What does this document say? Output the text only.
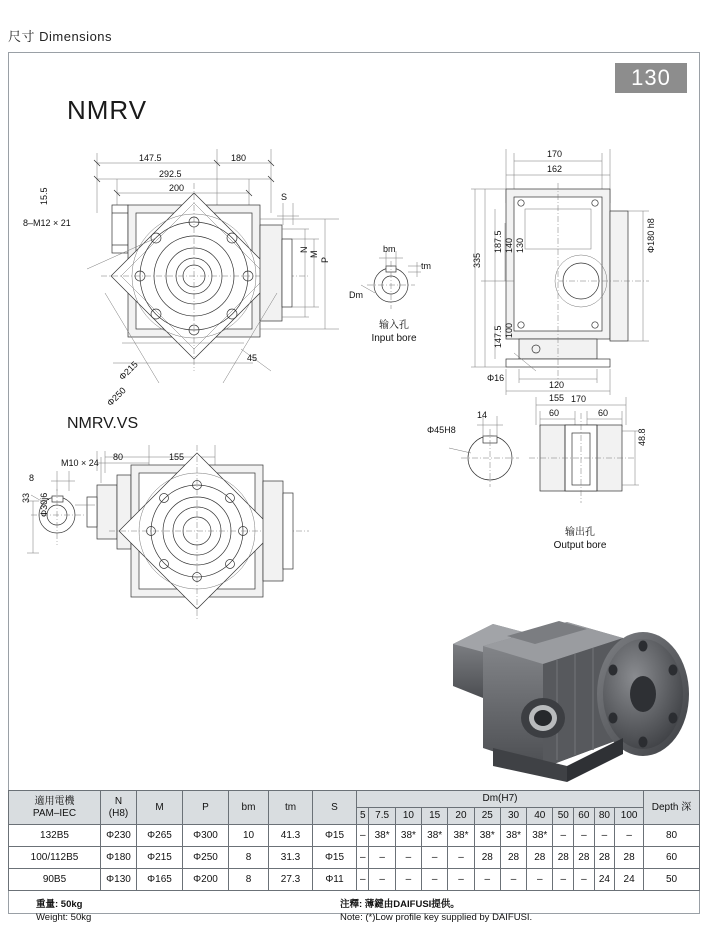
尺寸 Dimensions
130
NMRV
NMRV.VS
147.5	180
292.5
200
15.5
8–M12 × 21
Φ215
Φ250
45
S
N
M
P
bm
tm
Dm
输入孔
Input bore
170
162
187.5 140 130
335
147.5 100
Φ16
120
155
Φ180 h8
170
60	60
14
Φ45H8	48.8
输出孔
Output bore
M10 × 24
80	155
8
33 Φ30j6
適用電機
PAM–IEC	N
(H8)	M	P	bm	tm	S	Dm(H7)												Depth 深
							5	7.5	10	15	20	25	30	40	50	60	80	100	
132B5	Φ230	Φ265	Φ300	10	41.3	Φ15	–	38*	38*	38*	38*	38*	38*	38*	–	–	–	–	80
100/112B5	Φ180	Φ215	Φ250	8	31.3	Φ15	–	–	–	–	–	28	28	28	28	28	28	28	60
90B5	Φ130	Φ165	Φ200	8	27.3	Φ11	–	–	–	–	–	–	–	–	–	–	24	24	50
重量: 50kg
Weight: 50kg
注釋: 薄鍵由DAIFUSI提供。
Note: (*)Low profile key supplied by DAIFUSI.
